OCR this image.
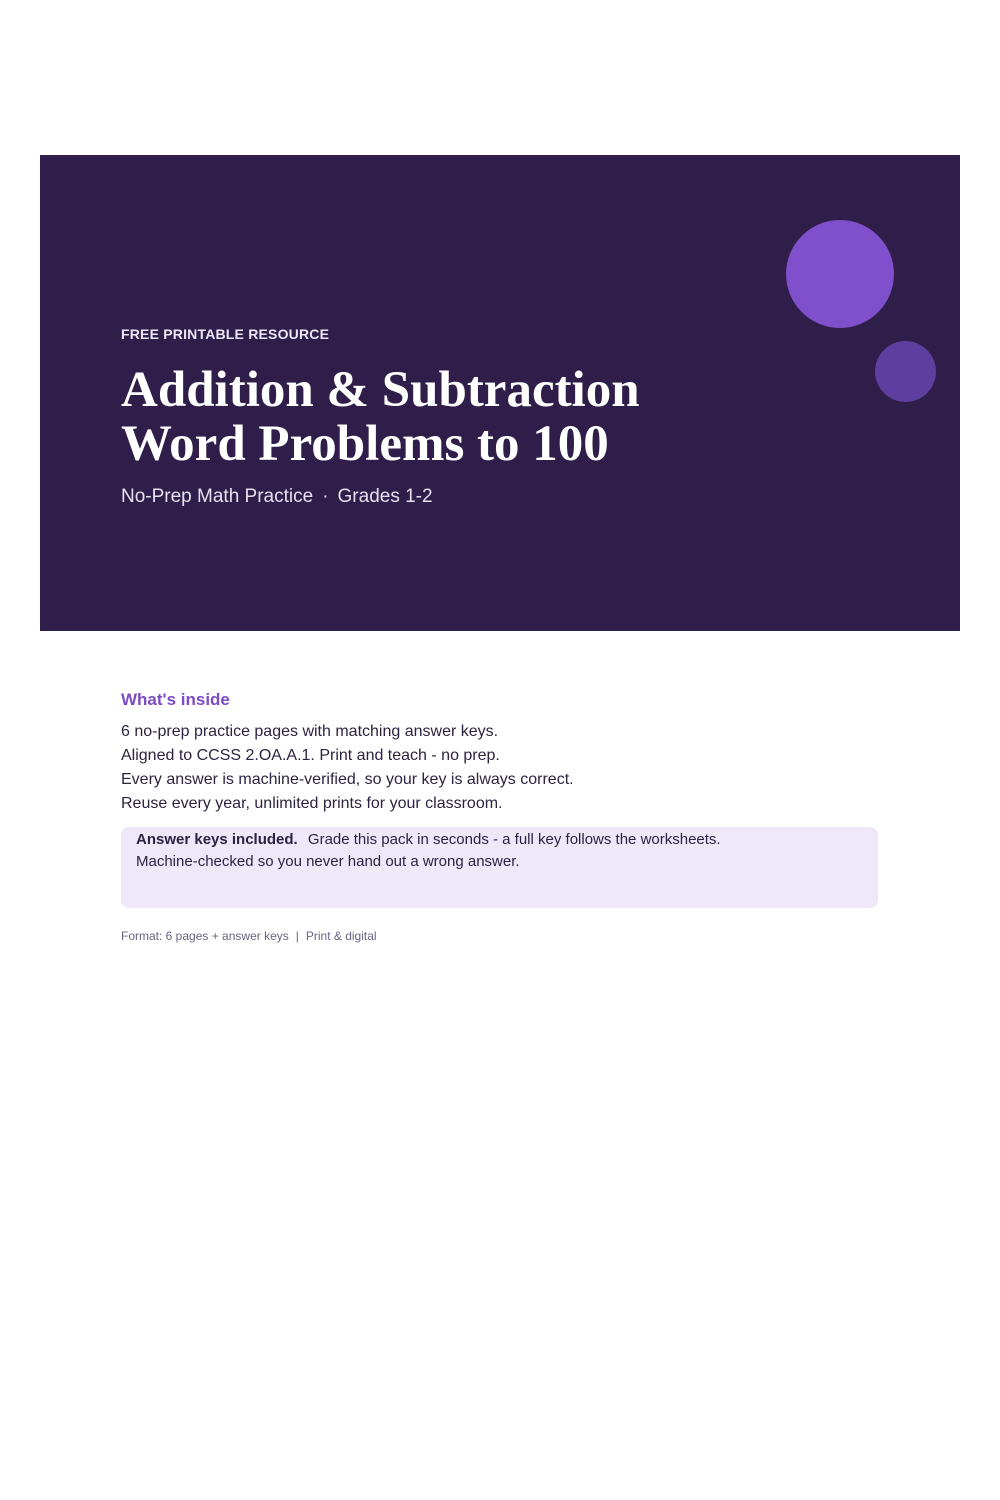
FREE PRINTABLE RESOURCE
Addition & Subtraction
Word Problems to 100
No-Prep Math Practice · Grades 1-2
What's inside
6 no-prep practice pages with matching answer keys.
Aligned to CCSS 2.OA.A.1. Print and teach - no prep.
Every answer is machine-verified, so your key is always correct.
Reuse every year, unlimited prints for your classroom.

Answer keys included. Grade this pack in seconds - a full key follows the worksheets.

Machine-checked so you never hand out a wrong answer.

Format: 6 pages + answer keys | Print & digital
